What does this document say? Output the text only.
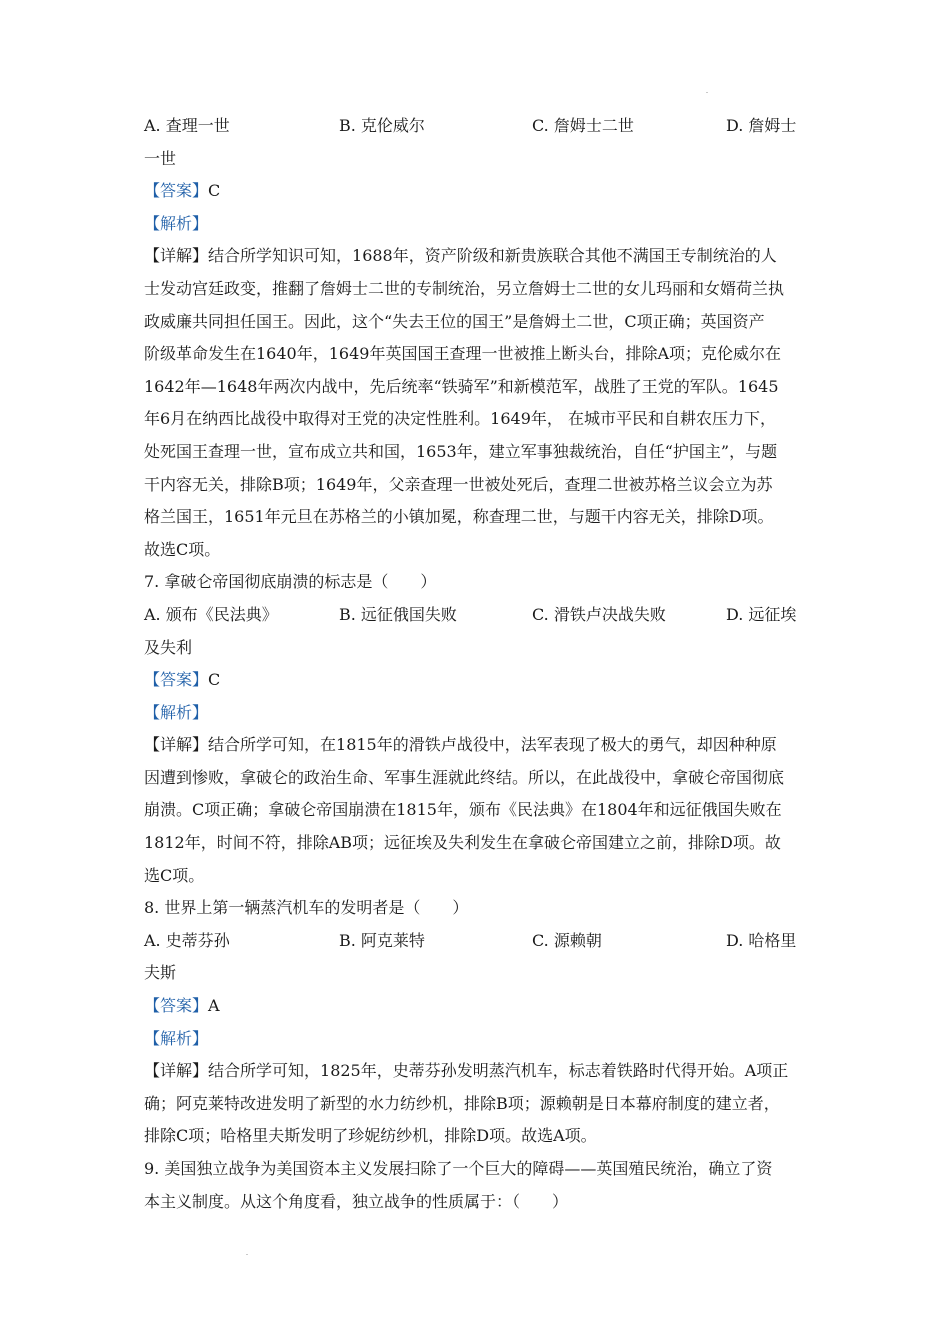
A. 查理一世	B. 克伦威尔	C. 詹姆士二世	D. 詹姆士
一世
【答案】C
【解析】
【详解】结合所学知识可知，1688年，资产阶级和新贵族联合其他不满国王专制统治的人
士发动宫廷政变，推翻了詹姆士二世的专制统治，另立詹姆士二世的女儿玛丽和女婿荷兰执
政威廉共同担任国王。因此，这个“失去王位的国王”是詹姆土二世，C项正确；英国资产
阶级革命发生在1640年，1649年英国国王查理一世被推上断头台，排除A项；克伦威尔在
1642年—1648年两次内战中，先后统率“铁骑军”和新模范军，战胜了王党的军队。1645
年6月在纳西比战役中取得对王党的决定性胜利。1649年， 在城市平民和自耕农压力下，
处死国王查理一世，宣布成立共和国，1653年，建立军事独裁统治，自任“护国主”，与题
干内容无关，排除B项；1649年，父亲查理一世被处死后，查理二世被苏格兰议会立为苏
格兰国王，1651年元旦在苏格兰的小镇加冕，称查理二世，与题干内容无关，排除D项。
故选C项。
7. 拿破仑帝国彻底崩溃的标志是（　　）
A. 颁布《民法典》	B. 远征俄国失败	C. 滑铁卢决战失败	D. 远征埃
及失利
【答案】C
【解析】
【详解】结合所学可知，在1815年的滑铁卢战役中，法军表现了极大的勇气，却因种种原
因遭到惨败，拿破仑的政治生命、军事生涯就此终结。所以，在此战役中，拿破仑帝国彻底
崩溃。C项正确；拿破仑帝国崩溃在1815年，颁布《民法典》在1804年和远征俄国失败在
1812年，时间不符，排除AB项；远征埃及失利发生在拿破仑帝国建立之前，排除D项。故
选C项。
8. 世界上第一辆蒸汽机车的发明者是（　　）
A. 史蒂芬孙	B. 阿克莱特	C. 源赖朝	D. 哈格里
夫斯
【答案】A
【解析】
【详解】结合所学可知，1825年，史蒂芬孙发明蒸汽机车，标志着铁路时代得开始。A项正
确；阿克莱特改进发明了新型的水力纺纱机，排除B项；源赖朝是日本幕府制度的建立者，
排除C项；哈格里夫斯发明了珍妮纺纱机，排除D项。故选A项。
9. 美国独立战争为美国资本主义发展扫除了一个巨大的障碍——英国殖民统治，确立了资
本主义制度。从这个角度看，独立战争的性质属于：（　　）
